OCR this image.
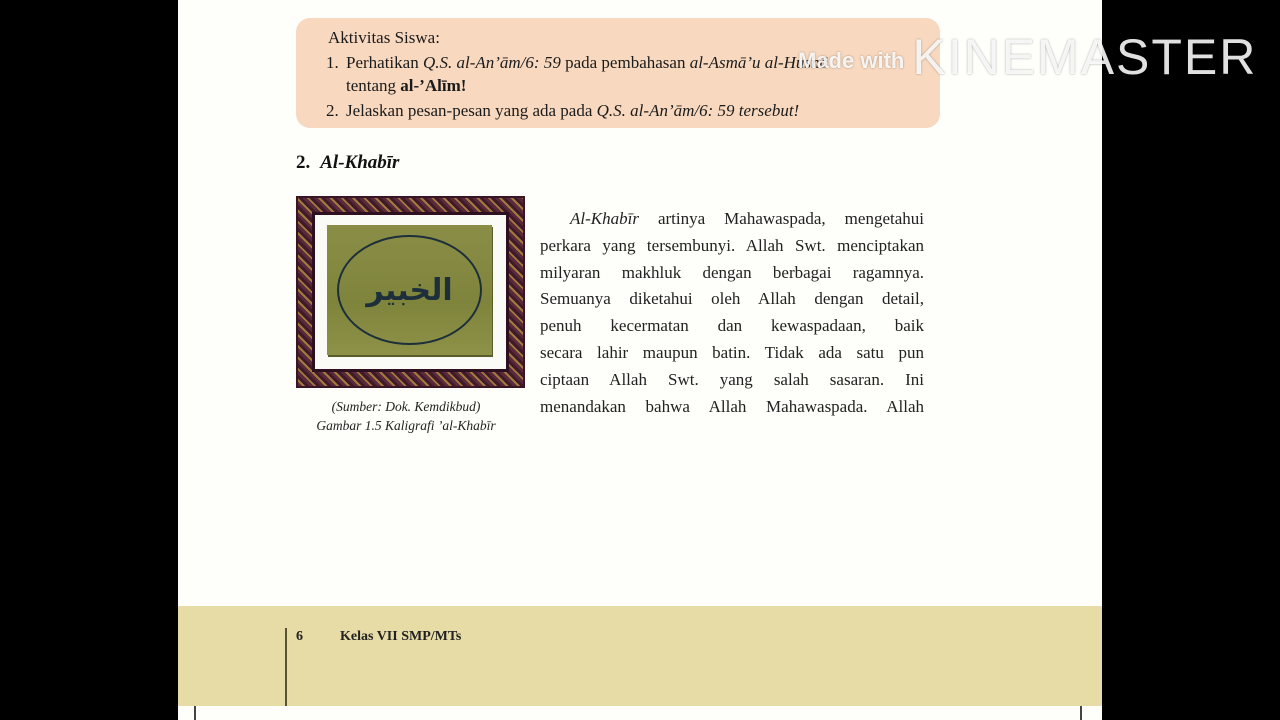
Aktivitas Siswa:
1. Perhatikan Q.S. al-An’ām/6: 59 pada pembahasan al-Asmā’u al-Husnā
tentang al-’Alīm!
2. Jelaskan pesan-pesan yang ada pada Q.S. al-An’ām/6: 59 tersebut!
2. Al-Khabīr
الخبير
(Sumber: Dok. Kemdikbud)
Gambar 1.5 Kaligrafi ’al-Khabīr
Al-Khabīr artinya Mahawaspada, mengetahui
perkara yang tersembunyi. Allah Swt. menciptakan
milyaran makhluk dengan berbagai ragamnya.
Semuanya diketahui oleh Allah dengan detail,
penuh kecermatan dan kewaspadaan, baik
secara lahir maupun batin. Tidak ada satu pun
ciptaan Allah Swt. yang salah sasaran. Ini
menandakan bahwa Allah Mahawaspada. Allah
6	Kelas VII SMP/MTs
Made with KINEMASTER
